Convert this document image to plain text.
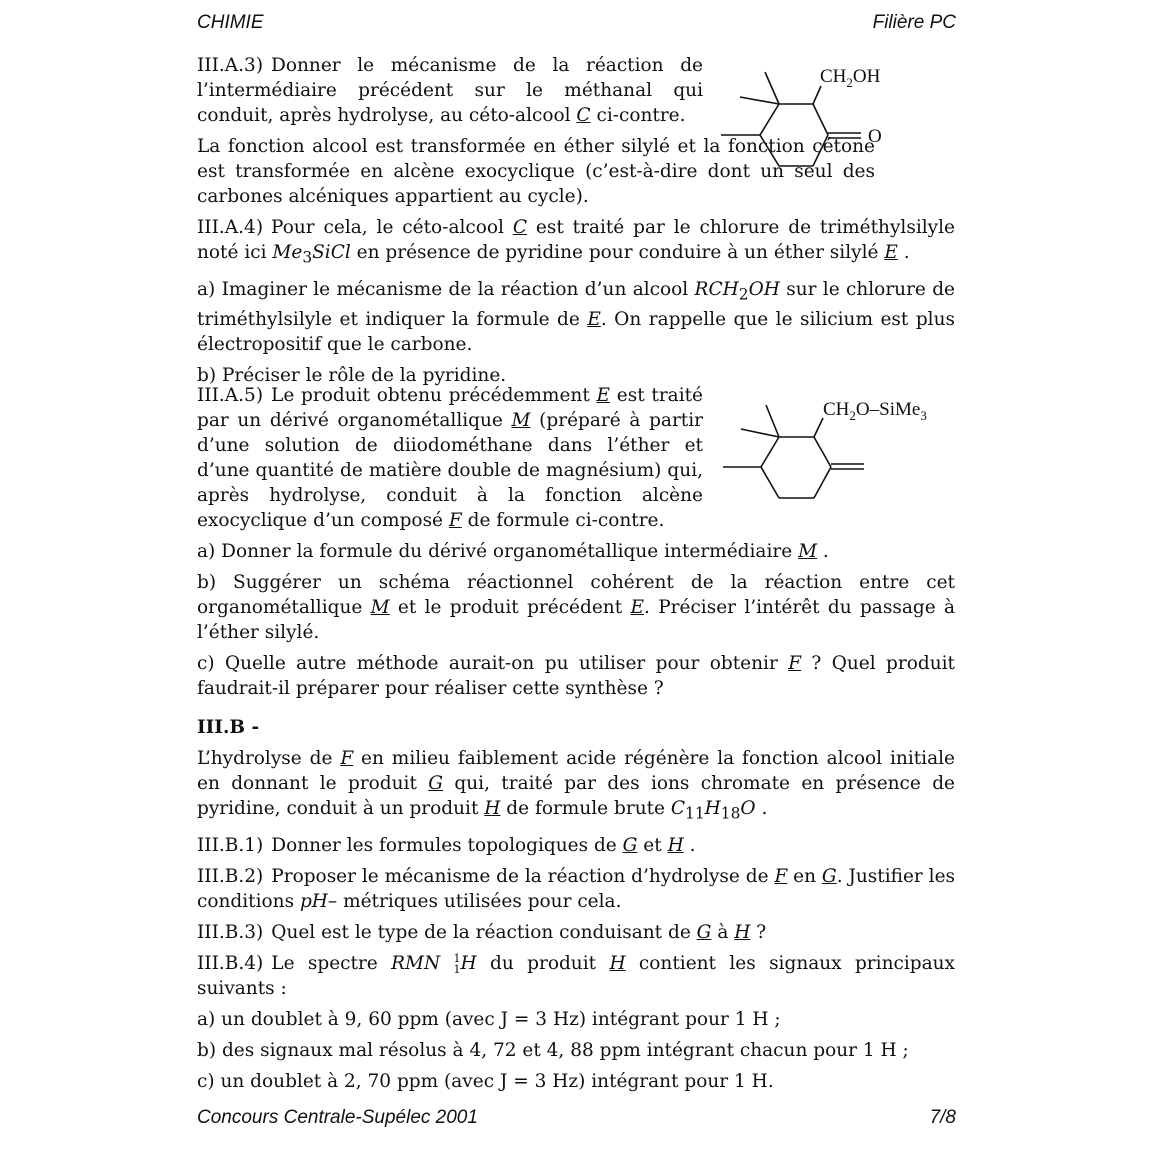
CHIMIE	Filière PC
$CH_2OH$
O
$CH_2O-SiMe_3$

III.A.3) Donner le mécanisme de la réaction de l’intermédiaire précédent sur le méthanal qui conduit, après hydrolyse, au céto-alcool C ci-contre.

La fonction alcool est transformée en éther silylé et la fonction cétone est transformée en alcène exocyclique (c’est-à-dire dont un seul des carbones alcéniques appartient au cycle).

III.A.4) Pour cela, le céto-alcool C est traité par le chlorure de triméthylsilyle noté ici $Me_3SiCl$ en présence de pyridine pour conduire à un éther silylé E .

a) Imaginer le mécanisme de la réaction d’un alcool $RCH_2OH$ sur le chlorure de triméthylsilyle et indiquer la formule de E. On rappelle que le silicium est plus électropositif que le carbone.

b) Préciser le rôle de la pyridine.

III.A.5) Le produit obtenu précédemment E est traité par un dérivé organométallique M (préparé à partir d’une solution de diiodométhane dans l’éther et d’une quantité de matière double de magnésium) qui, après hydrolyse, conduit à la fonction alcène exocyclique d’un composé F de formule ci-contre.

a) Donner la formule du dérivé organométallique intermédiaire M .

b) Suggérer un schéma réactionnel cohérent de la réaction entre cet organométallique M et le produit précédent E. Préciser l’intérêt du passage à l’éther silylé.

c) Quelle autre méthode aurait-on pu utiliser pour obtenir F ? Quel produit faudrait-il préparer pour réaliser cette synthèse ?

III.B -

L’hydrolyse de F en milieu faiblement acide régénère la fonction alcool initiale en donnant le produit G qui, traité par des ions chromate en présence de pyridine, conduit à un produit H de formule brute $C_{11}H_{18}O$ .

III.B.1) Donner les formules topologiques de G et H .

III.B.2) Proposer le mécanisme de la réaction d’hydrolyse de F en G. Justifier les conditions pH– métriques utilisées pour cela.

III.B.3) Quel est le type de la réaction conduisant de G à H ?

III.B.4) Le spectre RMN 1
1H du produit H contient les signaux principaux suivants :

a) un doublet à 9, 60 ppm (avec J = 3 Hz) intégrant pour 1 H ;

b) des signaux mal résolus à 4, 72 et 4, 88 ppm intégrant chacun pour 1 H ;

c) un doublet à 2, 70 ppm (avec J = 3 Hz) intégrant pour 1 H.

Concours Centrale-Supélec 2001	7/8
